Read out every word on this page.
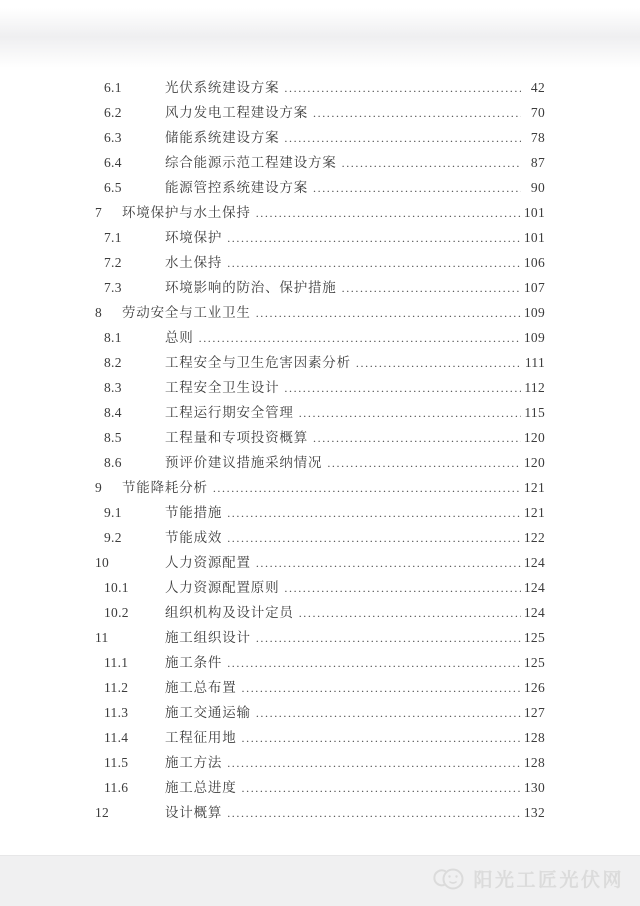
6.1	光伏系统建设方案 .....	42
6.2	风力发电工程建设方案 .....	70
6.3	储能系统建设方案 .....	78
6.4	综合能源示范工程建设方案 .....	87
6.5	能源管控系统建设方案 .....	90
7	环境保护与水土保持 .....	101
7.1	环境保护 .....	101
7.2	水土保持 .....	106
7.3	环境影响的防治、保护措施 .....	107
8	劳动安全与工业卫生 .....	109
8.1	总则 .....	109
8.2	工程安全与卫生危害因素分析 .....	111
8.3	工程安全卫生设计 .....	112
8.4	工程运行期安全管理 .....	115
8.5	工程量和专项投资概算 .....	120
8.6	预评价建议措施采纳情况 .....	120
9	节能降耗分析 .....	121
9.1	节能措施 .....	121
9.2	节能成效 .....	122
10	人力资源配置 .....	124
10.1	人力资源配置原则 .....	124
10.2	组织机构及设计定员 .....	124
11	施工组织设计 .....	125
11.1	施工条件 .....	125
11.2	施工总布置 .....	126
11.3	施工交通运输 .....	127
11.4	工程征用地 .....	128
11.5	施工方法 .....	128
11.6	施工总进度 .....	130
12	设计概算 .....	132
阳光工匠光伏网
